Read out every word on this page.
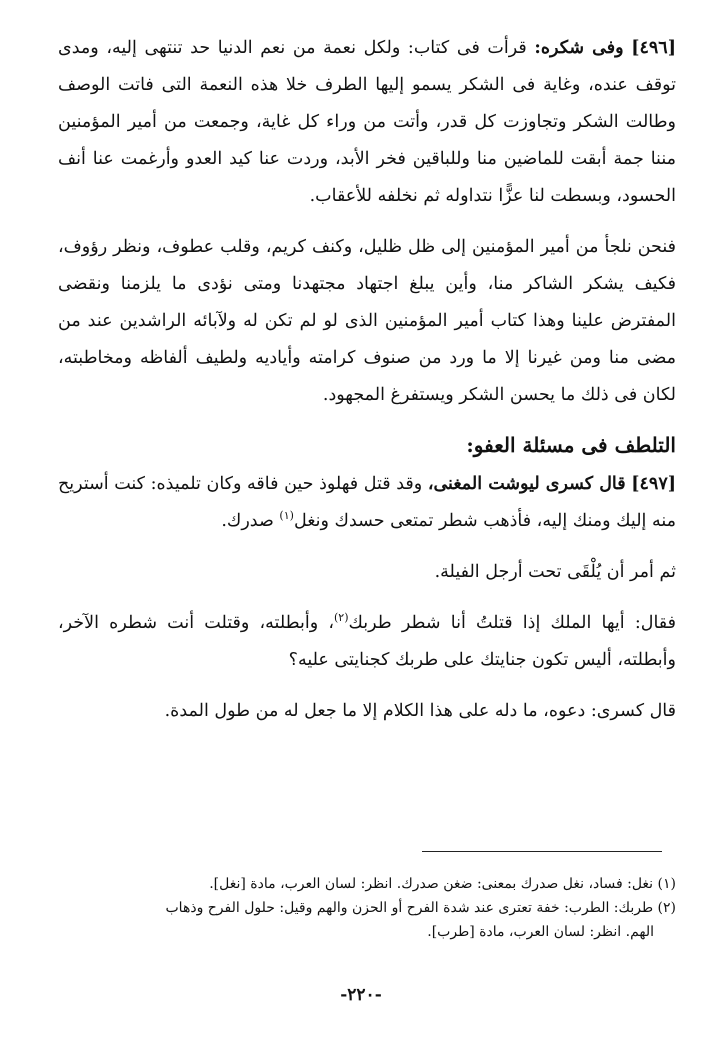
[٤٩٦] وفى شكره: قرأت فى كتاب: ولكل نعمة من نعم الدنيا حد تنتهى إليه، ومدى توقف عنده، وغاية فى الشكر يسمو إليها الطرف خلا هذه النعمة التى فاتت الوصف وطالت الشكر وتجاوزت كل قدر، وأتت من وراء كل غاية، وجمعت من أمير المؤمنين مننا جمة أبقت للماضين منا وللباقين فخر الأبد، وردت عنا كيد العدو وأرغمت عنا أنف الحسود، وبسطت لنا عزًّا نتداوله ثم نخلفه للأعقاب.

فنحن نلجأ من أمير المؤمنين إلى ظل ظليل، وكنف كريم، وقلب عطوف، ونظر رؤوف، فكيف يشكر الشاكر منا، وأين يبلغ اجتهاد مجتهدنا ومتى نؤدى ما يلزمنا ونقضى المفترض علينا وهذا كتاب أمير المؤمنين الذى لو لم تكن له ولآبائه الراشدين عند من مضى منا ومن غيرنا إلا ما ورد من صنوف كرامته وأياديه ولطيف ألفاظه ومخاطبته، لكان فى ذلك ما يحسن الشكر ويستفرغ المجهود.

التلطف فى مسئلة العفو:

[٤٩٧] قال كسرى ليوشت المغنى، وقد قتل فهلوذ حين فاقه وكان تلميذه: كنت أستريح منه إليك ومنك إليه، فأذهب شطر تمتعى حسدك ونغل$^{(١)}$ صدرك.

ثم أمر أن يُلْقَى تحت أرجل الفيلة.

فقال: أيها الملك إذا قتلتُ أنا شطر طربك$^{(٢)}$، وأبطلته، وقتلت أنت شطره الآخر، وأبطلته، أليس تكون جنايتك على طربك كجنايتى عليه؟

قال كسرى: دعوه، ما دله على هذا الكلام إلا ما جعل له من طول المدة.

(١) نغل: فساد، نغل صدرك بمعنى: ضغن صدرك. انظر: لسان العرب، مادة [نغل].

(٢) طربك: الطرب: خفة تعترى عند شدة الفرح أو الحزن والهم وقيل: حلول الفرح وذهاب

الهم. انظر: لسان العرب، مادة [طرب].

-٢٢٠-
